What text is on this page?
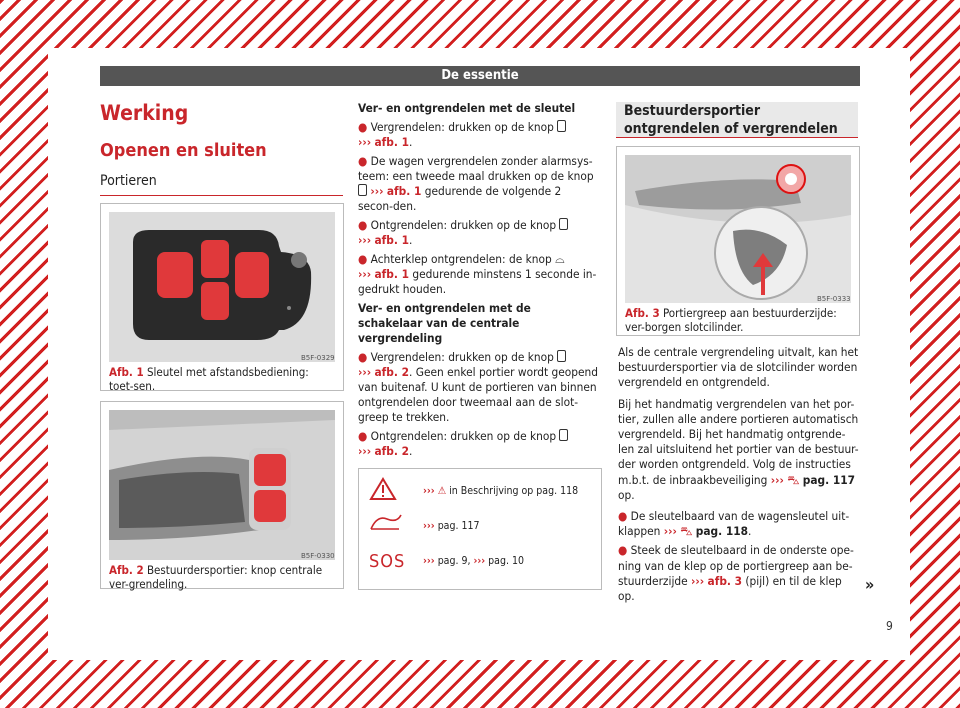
De essentie
Werking
Openen en sluiten
Portieren
B5F-0329
Afb. 1 Sleutel met afstandsbediening: toet-sen.
B5F-0330
Afb. 2 Bestuurdersportier: knop centrale ver-grendeling.

Ver- en ontgrendelen met de sleutel

● Vergrendelen: drukken op de knop
››› afb. 1.

● De wagen vergrendelen zonder alarmsys-teem: een tweede maal drukken op de knop
››› afb. 1 gedurende de volgende 2 secon-den.

● Ontgrendelen: drukken op de knop
››› afb. 1.

● Achterklep ontgrendelen: de knop ⌓
››› afb. 1 gedurende minstens 1 seconde in-gedrukt houden.

Ver- en ontgrendelen met de schakelaar van de centrale vergrendeling

● Vergrendelen: drukken op de knop
››› afb. 2. Geen enkel portier wordt geopend van buitenaf. U kunt de portieren van binnen ontgrendelen door tweemaal aan de slot-greep te trekken.

● Ontgrendelen: drukken op de knop
››› afb. 2.

››› ⚠ in Beschrijving op pag. 118
››› pag. 117
SOS ››› pag. 9, ››› pag. 10
Bestuurdersportier ontgrendelen of vergrendelen
B5F-0333
Afb. 3 Portiergreep aan bestuurderzijde: ver-borgen slotcilinder.

Als de centrale vergrendeling uitvalt, kan het bestuurdersportier via de slotcilinder worden vergrendeld en ontgrendeld.

Bij het handmatig vergrendelen van het por-tier, zullen alle andere portieren automatisch vergrendeld. Bij het handmatig ontgrende-len zal uitsluitend het portier van de bestuur-der worden ontgrendeld. Volg de instructies m.b.t. de inbraakbeveiliging ››› ⛍ pag. 117 op.

● De sleutelbaard van de wagensleutel uit-klappen ››› ⛍ pag. 118.

● Steek de sleutelbaard in de onderste ope-ning van de klep op de portiergreep aan be-stuurderzijde ››› afb. 3 (pijl) en til de klep op.

»
9
